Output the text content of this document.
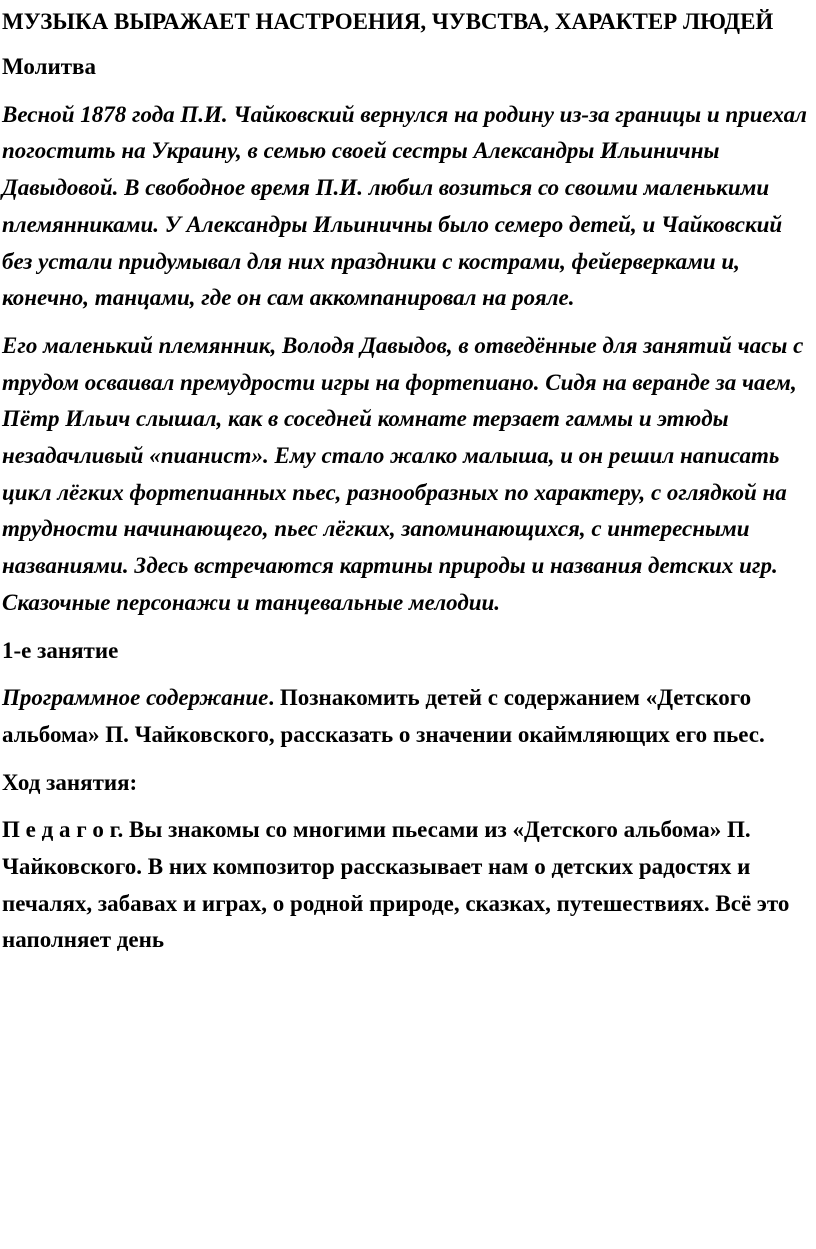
МУЗЫКА ВЫРАЖАЕТ НАСТРОЕНИЯ, ЧУВСТВА, ХАРАКТЕР ЛЮДЕЙ

Молитва

Весной 1878 года П.И. Чайковский вернулся на родину из-за границы и приехал погостить на Украину, в семью своей сестры Александры Ильиничны Давыдовой. В свободное время П.И. любил возиться со своими маленькими племянниками. У Александры Ильиничны было семеро детей, и Чайковский без устали придумывал для них праздники с кострами, фейерверками и, конечно, танцами, где он сам аккомпанировал на рояле.

Его маленький племянник, Володя Давыдов, в отведённые для занятий часы с трудом осваивал премудрости игры на фортепиано. Сидя на веранде за чаем, Пётр Ильич слышал, как в соседней комнате терзает гаммы и этюды незадачливый «пианист». Ему стало жалко малыша, и он решил написать цикл лёгких фортепианных пьес, разнообразных по характеру, с оглядкой на трудности начинающего, пьес лёгких, запоминающихся, с интересными названиями. Здесь встречаются картины природы и названия детских игр. Сказочные персонажи и танцевальные мелодии.

1-е занятие

Программное содержание. Познакомить детей с содержанием «Детского альбома» П. Чайковского, рассказать о значении окаймляющих его пьес.

Ход занятия:

П е д а г о г. Вы знакомы со многими пьесами из «Детского альбома» П. Чайковского. В них композитор рассказывает нам о детских радостях и печалях, забавах и играх, о родной природе, сказках, путешествиях. Всё это наполняет день
